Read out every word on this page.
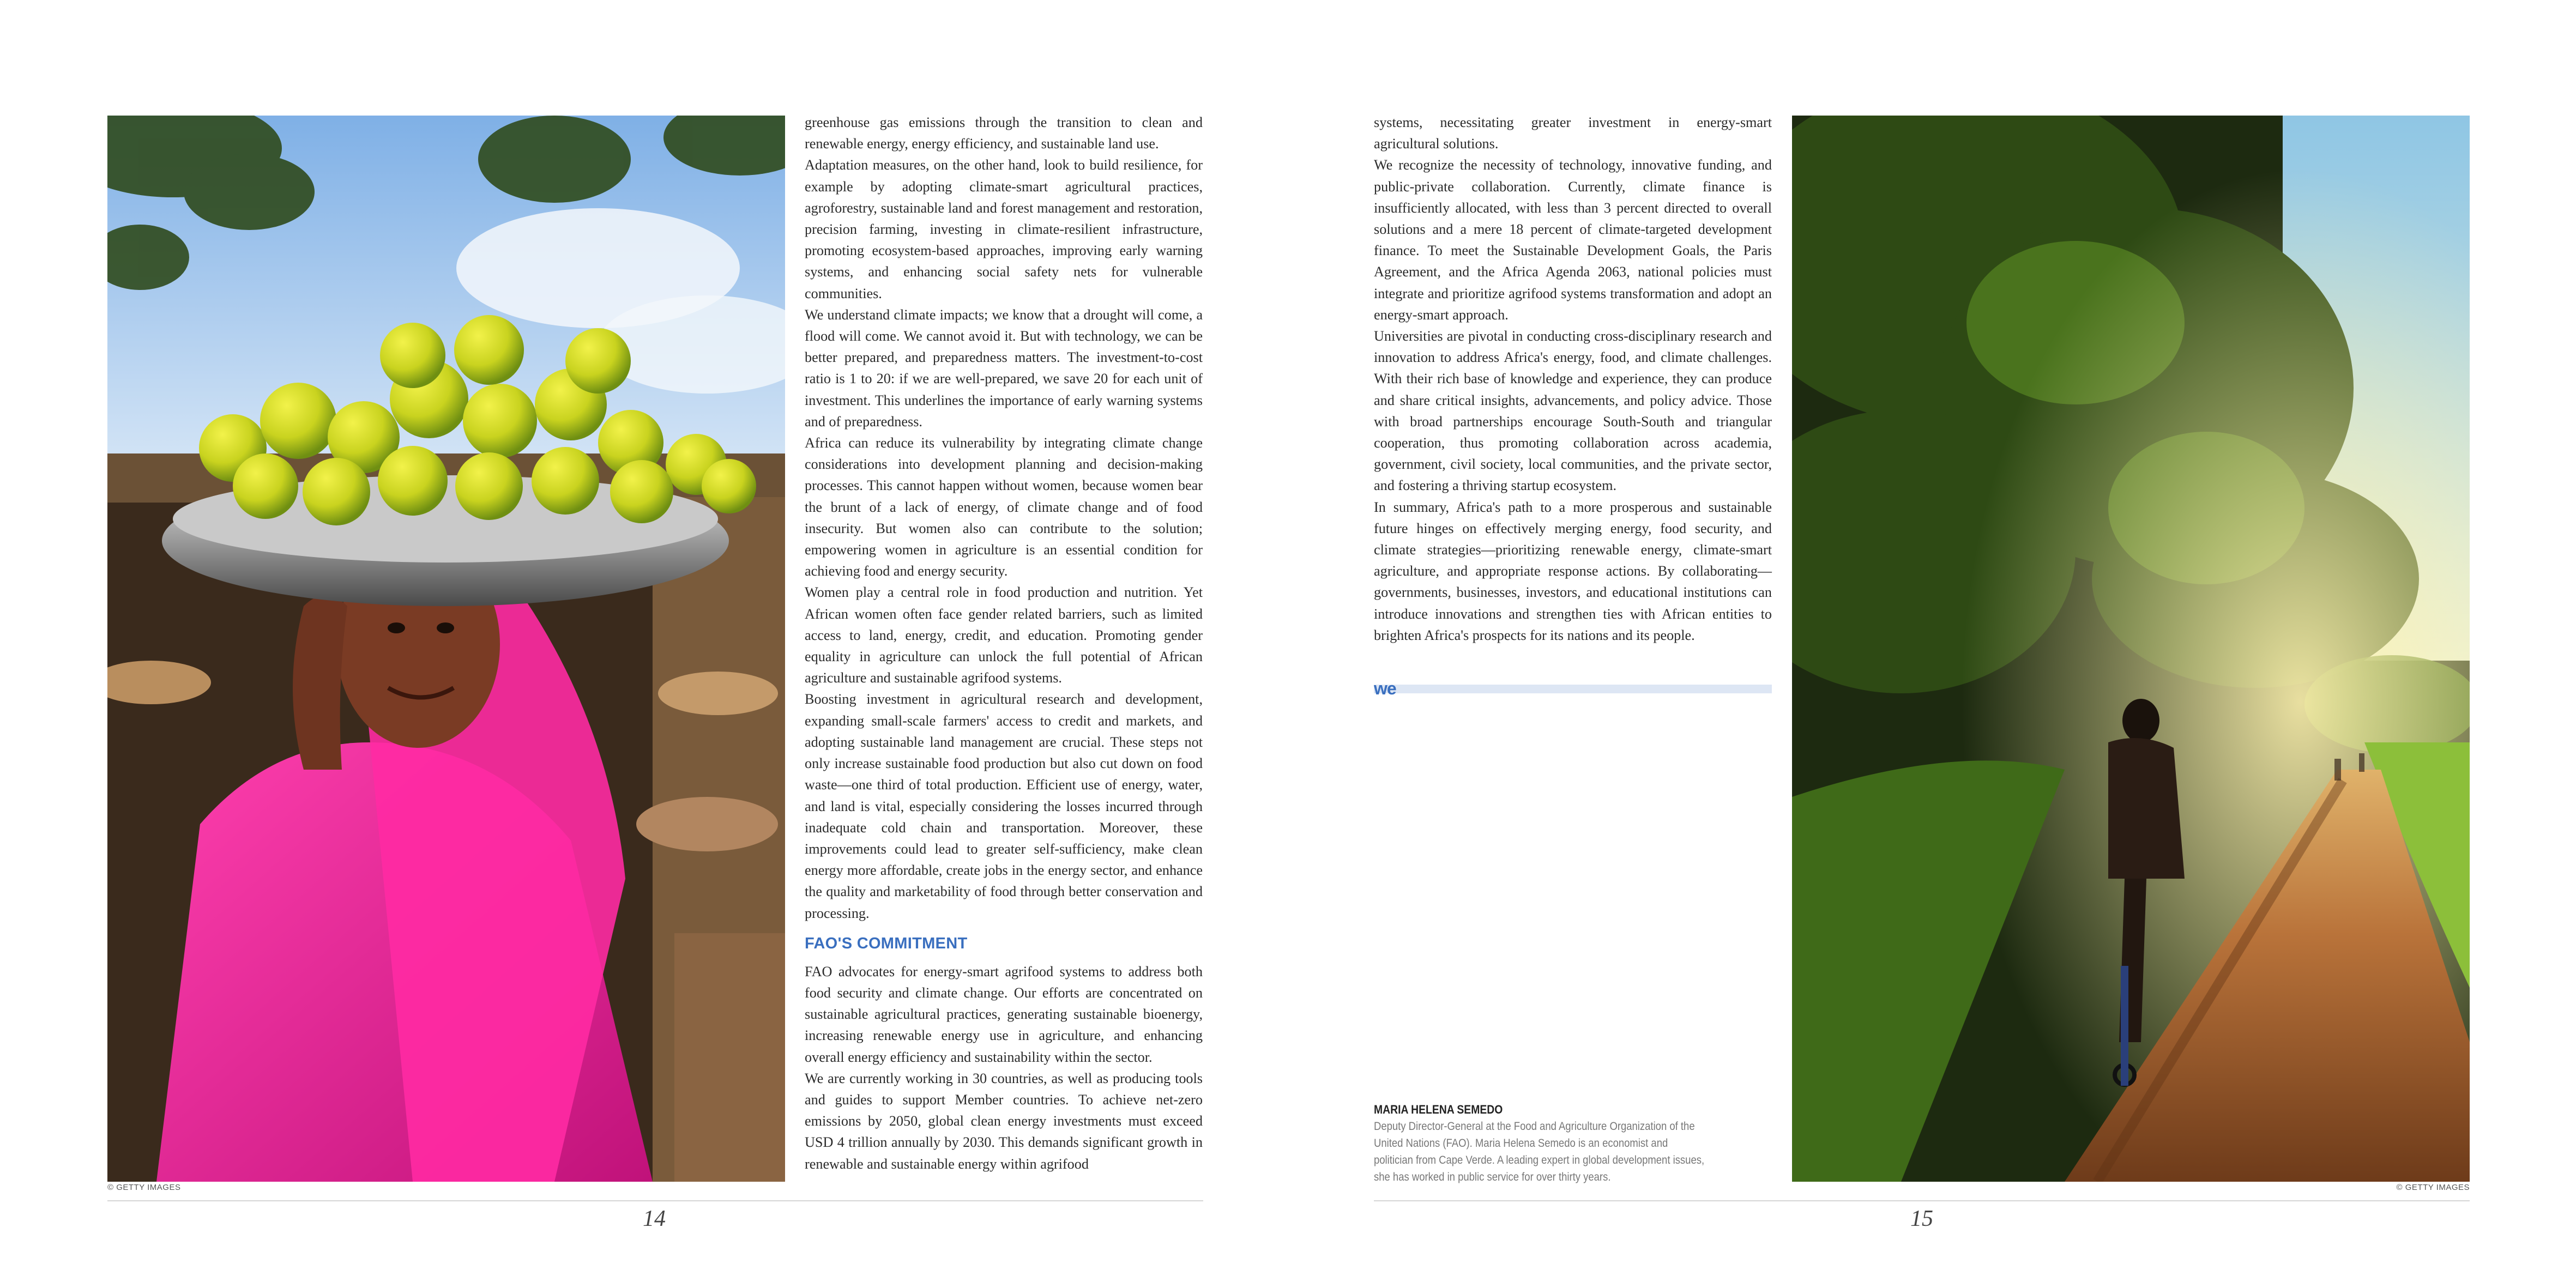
© GETTY IMAGES

greenhouse gas emissions through the transition to clean and renewable energy, energy efficiency, and sustainable land use.

Adaptation measures, on the other hand, look to build resilience, for example by adopting climate-smart agricultural practices, agroforestry, sustainable land and forest management and restoration, precision farming, investing in climate-resilient infrastructure, promoting ecosystem-based approaches, improving early warning systems, and enhancing social safety nets for vulnerable communities.

We understand climate impacts; we know that a drought will come, a flood will come. We cannot avoid it. But with technology, we can be better prepared, and preparedness matters. The investment-to-cost ratio is 1 to 20: if we are well-prepared, we save 20 for each unit of investment. This underlines the importance of early warning systems and of preparedness.

Africa can reduce its vulnerability by integrating climate change considerations into development planning and decision-making processes. This cannot happen without women, because women bear the brunt of a lack of energy, of climate change and of food insecurity. But women also can contribute to the solution; empowering women in agriculture is an essential condition for achieving food and energy security.

Women play a central role in food production and nutrition. Yet African women often face gender related barriers, such as limited access to land, energy, credit, and education. Promoting gender equality in agriculture can unlock the full potential of African agriculture and sustainable agrifood systems.

Boosting investment in agricultural research and development, expanding small-scale farmers' access to credit and markets, and adopting sustainable land management are crucial. These steps not only increase sustainable food production but also cut down on food waste—one third of total production. Efficient use of energy, water, and land is vital, especially considering the losses incurred through inadequate cold chain and transportation. Moreover, these improvements could lead to greater self-sufficiency, make clean energy more affordable, create jobs in the energy sector, and enhance the quality and marketability of food through better conservation and processing.

FAO'S COMMITMENT

FAO advocates for energy-smart agrifood systems to address both food security and climate change. Our efforts are concentrated on sustainable agricultural practices, generating sustainable bioenergy, increasing renewable energy use in agriculture, and enhancing overall energy efficiency and sustainability within the sector.

We are currently working in 30 countries, as well as producing tools and guides to support Member countries. To achieve net-zero emissions by 2050, global clean energy investments must exceed USD 4 trillion annually by 2030. This demands significant growth in renewable and sustainable energy within agrifood

systems, necessitating greater investment in energy-smart agricultural solutions.

We recognize the necessity of technology, innovative funding, and public-private collaboration. Currently, climate finance is insufficiently allocated, with less than 3 percent directed to overall solutions and a mere 18 percent of climate-targeted development finance. To meet the Sustainable Development Goals, the Paris Agreement, and the Africa Agenda 2063, national policies must integrate and prioritize agrifood systems transformation and adopt an energy-smart approach.

Universities are pivotal in conducting cross-disciplinary research and innovation to address Africa's energy, food, and climate challenges. With their rich base of knowledge and experience, they can produce and share critical insights, advancements, and policy advice. Those with broad partnerships encourage South-South and triangular cooperation, thus promoting collaboration across academia, government, civil society, local communities, and the private sector, and fostering a thriving startup ecosystem.

In summary, Africa's path to a more prosperous and sustainable future hinges on effectively merging energy, food security, and climate strategies—prioritizing renewable energy, climate-smart agriculture, and appropriate response actions. By collaborating—governments, businesses, investors, and educational institutions can introduce innovations and strengthen ties with African entities to brighten Africa's prospects for its nations and its people.

we
MARIA HELENA SEMEDO
Deputy Director-General at the Food and Agriculture Organization of the United Nations (FAO). Maria Helena Semedo is an economist and politician from Cape Verde. A leading expert in global development issues, she has worked in public service for over thirty years.
© GETTY IMAGES
14	15
